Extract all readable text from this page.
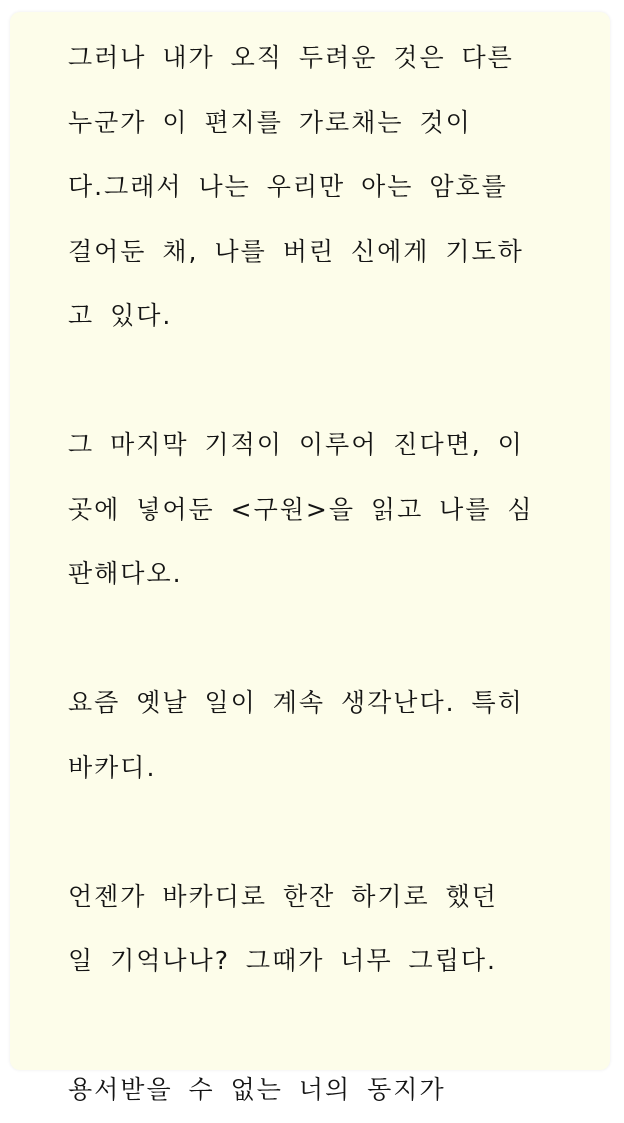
그러나 내가 오직 두려운 것은 다른
누군가 이 편지를 가로채는 것이
다.그래서 나는 우리만 아는 암호를
걸어둔 채, 나를 버린 신에게 기도하
고 있다.
그 마지막 기적이 이루어 진다면, 이
곳에 넣어둔 <구원>을 읽고 나를 심
판해다오.
요즘 옛날 일이 계속 생각난다. 특히
바카디.
언젠가 바카디로 한잔 하기로 했던
일 기억나나? 그때가 너무 그립다.
용서받을 수 없는 너의 동지가
